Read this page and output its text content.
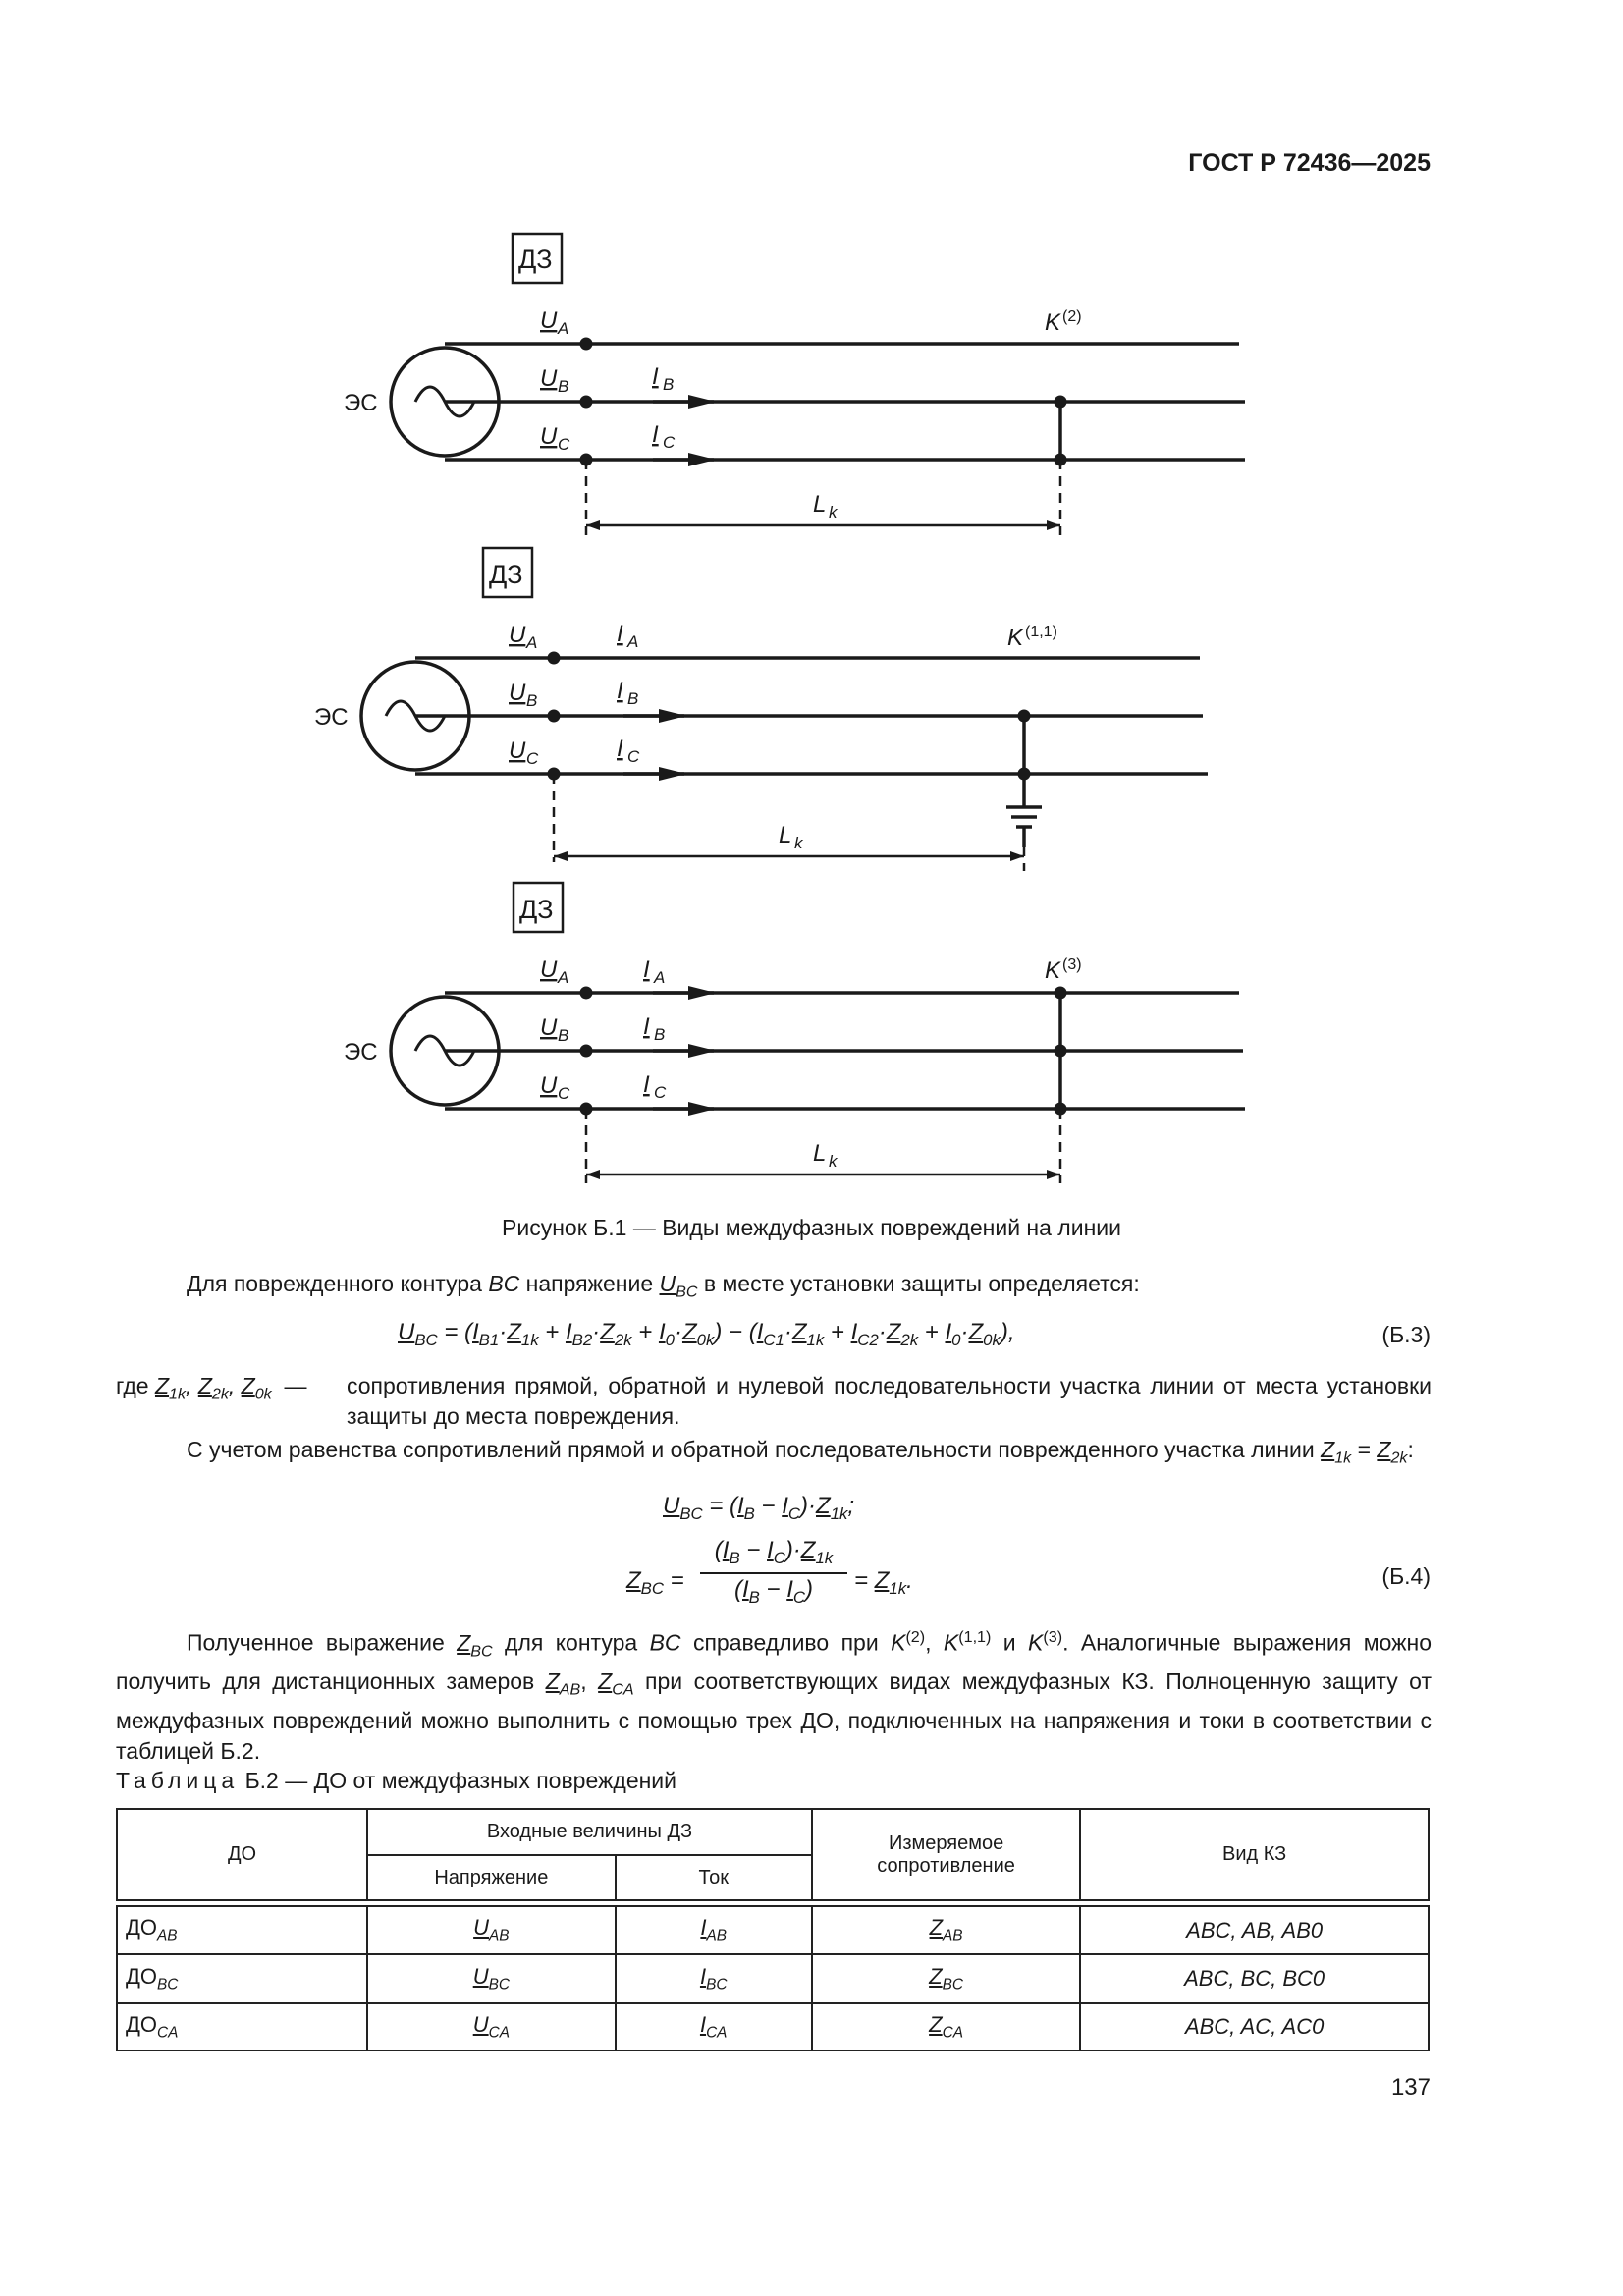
ГОСТ Р 72436—2025
ДЗ
ЭС
U A
U B
U C
I B
I C
K (2)
L k
ДЗ
ЭС
U A
U B
U C
I A
I B
I C
K (1,1)
L k
ДЗ
ЭС
U A
U B
U C
I A
I B
I C
K (3)
L k
Рисунок Б.1 — Виды междуфазных повреждений на линии
Для поврежденного контура BC напряжение $U_{BC}$ в месте установки защиты определяется:
$U_{BC} = (I_{B1}\cdot Z_{1k} + I_{B2}\cdot Z_{2k} + I_0\cdot Z_{0k}) - (I_{C1}\cdot Z_{1k} + I_{C2}\cdot Z_{2k} + I_0\cdot Z_{0k})$,	(Б.3)
где $Z_{1k}$, $Z_{2k}$, $Z_{0k}$  — сопротивления прямой, обратной и нулевой последовательности участка линии от места установки защиты до места повреждения.
С учетом равенства сопротивлений прямой и обратной последовательности поврежденного участка линии $Z_{1k} = Z_{2k}$:
$U_{BC} = (I_B - I_C)\cdot Z_{1k}$;
$Z_{BC}$ =
$(I_B - I_C)\cdot Z_{1k}$
$(I_B - I_C)$	= $Z_{1k}$.	(Б.4)
Полученное выражение $Z_{BC}$ для контура BC справедливо при $K^{(2)}$, K$^{(1,1)}$ и $K^{(3)}$. Аналогичные выражения можно получить для дистанционных замеров $Z_{AB}$, $Z_{CA}$ при соответствующих видах междуфазных КЗ. Полноценную защиту от междуфазных повреждений можно выполнить с помощью трех ДО, подключенных на напряжения и токи в соответствии с таблицей Б.2.
Таблица Б.2 — ДО от междуфазных повреждений
ДО	Входные величины ДЗ		Измеряемое сопротивление	Вид КЗ
	Напряжение	Ток		

$ДО_{AB}$	$U_{AB}$	$I_{AB}$	$Z_{AB}$	ABC, AB, AB0
$ДО_{BC}$	$U_{BC}$	$I_{BC}$	$Z_{BC}$	ABC, BC, BC0
$ДО_{CA}$	$U_{CA}$	$I_{CA}$	$Z_{CA}$	ABC, AC, AC0
137
